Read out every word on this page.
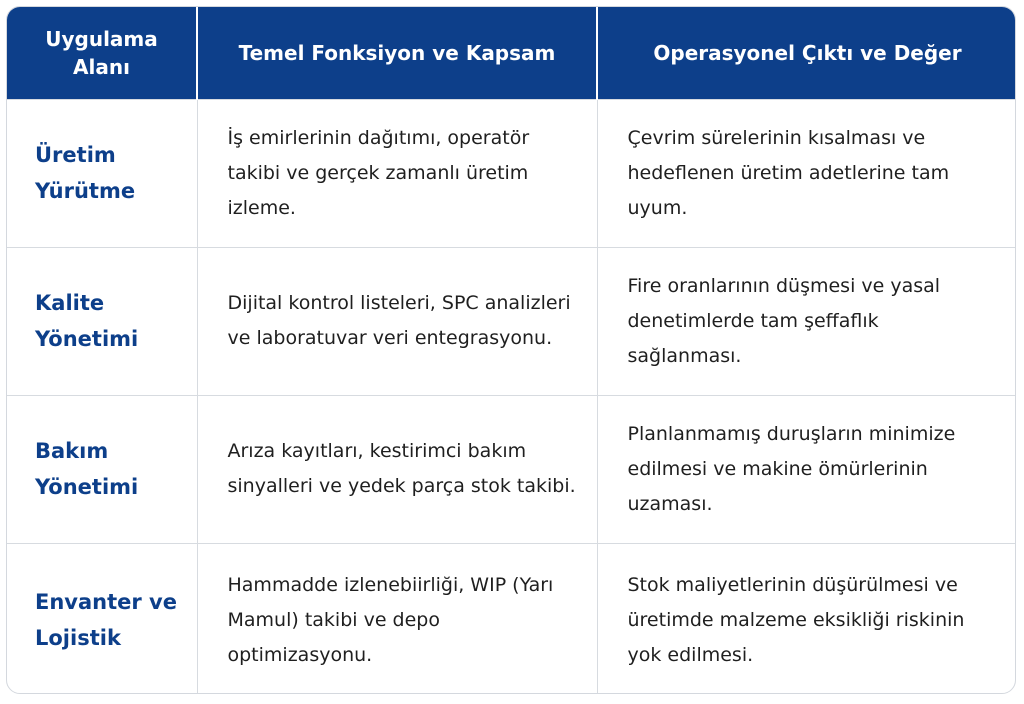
Uygulama Alanı	Temel Fonksiyon ve Kapsam	Operasyonel Çıktı ve Değer
Üretim Yürütme	İş emirlerinin dağıtımı, operatör takibi ve gerçek zamanlı üretim izleme.	Çevrim sürelerinin kısalması ve hedeflenen üretim adetlerine tam uyum.
Kalite Yönetimi	Dijital kontrol listeleri, SPC analizleri ve laboratuvar veri entegrasyonu.	Fire oranlarının düşmesi ve yasal denetimlerde tam şeffaflık sağlanması.
Bakım Yönetimi	Arıza kayıtları, kestirimci bakım sinyalleri ve yedek parça stok takibi.	Planlanmamış duruşların minimize edilmesi ve makine ömürlerinin uzaması.
Envanter ve Lojistik	Hammadde izlenebiirliği, WIP (Yarı Mamul) takibi ve depo optimizasyonu.	Stok maliyetlerinin düşürülmesi ve üretimde malzeme eksikliği riskinin yok edilmesi.
